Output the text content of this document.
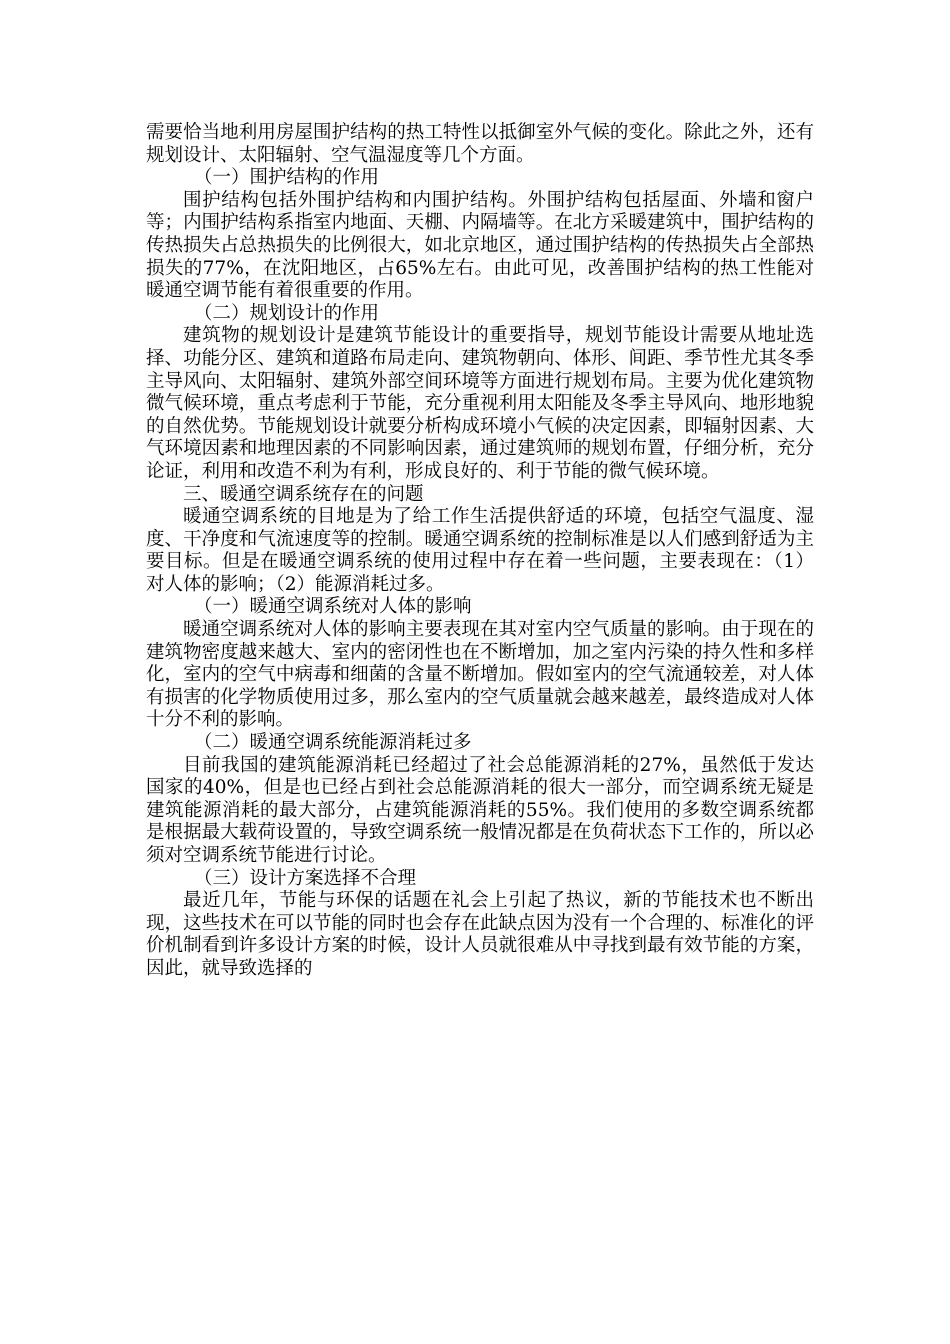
需要恰当地利用房屋围护结构的热工特性以抵御室外气候的变化。除此之外，还有规划设计、太阳辐射、空气温湿度等几个方面。

（一）围护结构的作用

围护结构包括外围护结构和内围护结构。外围护结构包括屋面、外墙和窗户等；内围护结构系指室内地面、天棚、内隔墙等。在北方采暖建筑中，围护结构的传热损失占总热损失的比例很大，如北京地区，通过围护结构的传热损失占全部热损失的77%，在沈阳地区，占65%左右。由此可见，改善围护结构的热工性能对暖通空调节能有着很重要的作用。

（二）规划设计的作用

建筑物的规划设计是建筑节能设计的重要指导，规划节能设计需要从地址选择、功能分区、建筑和道路布局走向、建筑物朝向、体形、间距、季节性尤其冬季主导风向、太阳辐射、建筑外部空间环境等方面进行规划布局。主要为优化建筑物微气候环境，重点考虑利于节能，充分重视利用太阳能及冬季主导风向、地形地貌的自然优势。节能规划设计就要分析构成环境小气候的决定因素，即辐射因素、大气环境因素和地理因素的不同影响因素，通过建筑师的规划布置，仔细分析，充分论证，利用和改造不利为有利，形成良好的、利于节能的微气候环境。

三、暖通空调系统存在的问题

暖通空调系统的目地是为了给工作生活提供舒适的环境，包括空气温度、湿度、干净度和气流速度等的控制。暖通空调系统的控制标准是以人们感到舒适为主要目标。但是在暖通空调系统的使用过程中存在着一些问题，主要表现在：（1）对人体的影响；（2）能源消耗过多。

（一）暖通空调系统对人体的影响

暖通空调系统对人体的影响主要表现在其对室内空气质量的影响。由于现在的建筑物密度越来越大、室内的密闭性也在不断增加，加之室内污染的持久性和多样化，室内的空气中病毒和细菌的含量不断增加。假如室内的空气流通较差，对人体有损害的化学物质使用过多，那么室内的空气质量就会越来越差，最终造成对人体十分不利的影响。

（二）暖通空调系统能源消耗过多

目前我国的建筑能源消耗已经超过了社会总能源消耗的27%，虽然低于发达国家的40%，但是也已经占到社会总能源消耗的很大一部分，而空调系统无疑是建筑能源消耗的最大部分，占建筑能源消耗的55%。我们使用的多数空调系统都是根据最大载荷设置的，导致空调系统一般情况都是在负荷状态下工作的，所以必须对空调系统节能进行讨论。

（三）设计方案选择不合理

最近几年，节能与环保的话题在礼会上引起了热议，新的节能技术也不断出现，这些技术在可以节能的同时也会存在此缺点因为没有一个合理的、标准化的评价机制看到许多设计方案的时候，设计人员就很难从中寻找到最有效节能的方案，因此，就导致选择的
